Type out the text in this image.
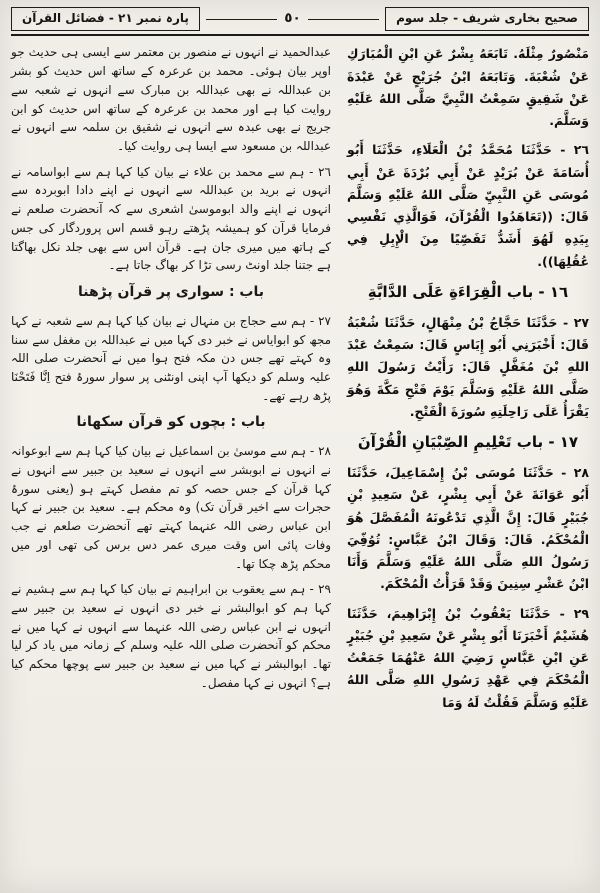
صحیح بخاری شریف - جلد سوم
٥٠
پارہ نمبر ٢١ - فضائل القرآن

مَنْصُورٌ مِثْلَهُ. تَابَعَهُ بِشْرٌ عَنِ ابْنِ الْمُبَارَكِ عَنْ شُعْبَةَ. وَتَابَعَهُ ابْنُ جُرَيْجٍ عَنْ عَبْدَةَ عَنْ شَقِيقٍ سَمِعْتُ النَّبِيَّ صَلَّى اللهُ عَلَيْهِ وَسَلَّمَ.

٢٦ - حَدَّثَنَا مُحَمَّدُ بْنُ الْعَلَاءِ، حَدَّثَنَا أَبُو أُسَامَةَ عَنْ بُرَيْدٍ عَنْ أَبِي بُرْدَةَ عَنْ أَبِي مُوسَى عَنِ النَّبِيِّ صَلَّى اللهُ عَلَيْهِ وَسَلَّمَ قَالَ: ((تَعَاهَدُوا الْقُرْآنَ، فَوَالَّذِي نَفْسِي بِيَدِهِ لَهُوَ أَشَدُّ تَفَصِّيًا مِنَ الْإِبِلِ فِي عُقُلِهَا)).

١٦ - باب الْقِرَاءَةِ عَلَى الدَّابَّةِ

٢٧ - حَدَّثَنَا حَجَّاجُ بْنُ مِنْهَالٍ، حَدَّثَنَا شُعْبَةُ قَالَ: أَخْبَرَنِي أَبُو إِيَاسٍ قَالَ: سَمِعْتُ عَبْدَ اللهِ بْنَ مُغَفَّلٍ قَالَ: رَأَيْتُ رَسُولَ اللهِ صَلَّى اللهُ عَلَيْهِ وَسَلَّمَ يَوْمَ فَتْحِ مَكَّةَ وَهُوَ يَقْرَأُ عَلَى رَاحِلَتِهِ سُورَةَ الْفَتْحِ.

١٧ - باب تَعْلِيمِ الصِّبْيَانِ الْقُرْآنَ

٢٨ - حَدَّثَنَا مُوسَى بْنُ إِسْمَاعِيلَ، حَدَّثَنَا أَبُو عَوَانَةَ عَنْ أَبِي بِشْرٍ، عَنْ سَعِيدِ بْنِ جُبَيْرٍ قَالَ: إِنَّ الَّذِي تَدْعُونَهُ الْمُفَصَّلَ هُوَ الْمُحْكَمُ. قَالَ: وَقَالَ ابْنُ عَبَّاسٍ: تُوُفِّيَ رَسُولُ اللهِ صَلَّى اللهُ عَلَيْهِ وَسَلَّمَ وَأَنَا ابْنُ عَشْرِ سِنِينَ وَقَدْ قَرَأْتُ الْمُحْكَمَ.

٢٩ - حَدَّثَنَا يَعْقُوبُ بْنُ إِبْرَاهِيمَ، حَدَّثَنَا هُشَيْمٌ أَخْبَرَنَا أَبُو بِشْرٍ عَنْ سَعِيدِ بْنِ جُبَيْرٍ عَنِ ابْنِ عَبَّاسٍ رَضِيَ اللهُ عَنْهُمَا جَمَعْتُ الْمُحْكَمَ فِي عَهْدِ رَسُولِ اللهِ صَلَّى اللهُ عَلَيْهِ وَسَلَّمَ فَقُلْتُ لَهُ وَمَا

عبدالحمید نے انہوں نے منصور بن معتمر سے ایسی ہی حدیث جو اوپر بیان ہوئی۔ محمد بن عرعرہ کے ساتھ اس حدیث کو بشر بن عبداللہ نے بھی عبداللہ بن مبارک سے انہوں نے شعبہ سے روایت کیا ہے اور محمد بن عرعرہ کے ساتھ اس حدیث کو ابن جریج نے بھی عبدہ سے انہوں نے شقیق بن سلمہ سے انہوں نے عبداللہ بن مسعود سے ایسا ہی روایت کیا۔

٢٦ - ہم سے محمد بن علاء نے بیان کیا کہا ہم سے ابواسامہ نے انہوں نے برید بن عبداللہ سے انہوں نے اپنے دادا ابوبردہ سے انہوں نے اپنے والد ابوموسیٰ اشعری سے کہ آنحضرت صلعم نے فرمایا قرآن کو ہمیشہ پڑھتے رہو قسم اس پروردگار کی جس کے ہاتھ میں میری جان ہے۔ قرآن اس سے بھی جلد نکل بھاگتا ہے جتنا جلد اونٹ رسی تڑا کر بھاگ جاتا ہے۔

باب : سواری پر قرآن پڑھنا

٢٧ - ہم سے حجاج بن منہال نے بیان کیا کہا ہم سے شعبہ نے کہا مجھ کو ابوایاس نے خبر دی کہا میں نے عبداللہ بن مغفل سے سنا وہ کہتے تھے جس دن مکہ فتح ہوا میں نے آنحضرت صلی اللہ علیہ وسلم کو دیکھا آپ اپنی اونٹنی پر سوار سورۂ فتح اِنَّا فَتَحْنَا پڑھ رہے تھے۔

باب : بچوں کو قرآن سکھانا

٢٨ - ہم سے موسیٰ بن اسماعیل نے بیان کیا کہا ہم سے ابوعوانہ نے انہوں نے ابوبشر سے انہوں نے سعید بن جبیر سے انہوں نے کہا قرآن کے جس حصہ کو تم مفصل کہتے ہو (یعنی سورۂ حجرات سے اخیر قرآن تک) وہ محکم ہے۔ سعید بن جبیر نے کہا ابن عباس رضی اللہ عنہما کہتے تھے آنحضرت صلعم نے جب وفات پائی اس وقت میری عمر دس برس کی تھی اور میں محکم پڑھ چکا تھا۔

٢٩ - ہم سے یعقوب بن ابراہیم نے بیان کیا کہا ہم سے ہشیم نے کہا ہم کو ابوالبشر نے خبر دی انہوں نے سعید بن جبیر سے انہوں نے ابن عباس رضی اللہ عنہما سے انہوں نے کہا میں نے محکم کو آنحضرت صلی اللہ علیہ وسلم کے زمانہ میں یاد کر لیا تھا۔ ابوالبشر نے کہا میں نے سعید بن جبیر سے پوچھا محکم کیا ہے؟ انہوں نے کہا مفصل۔
